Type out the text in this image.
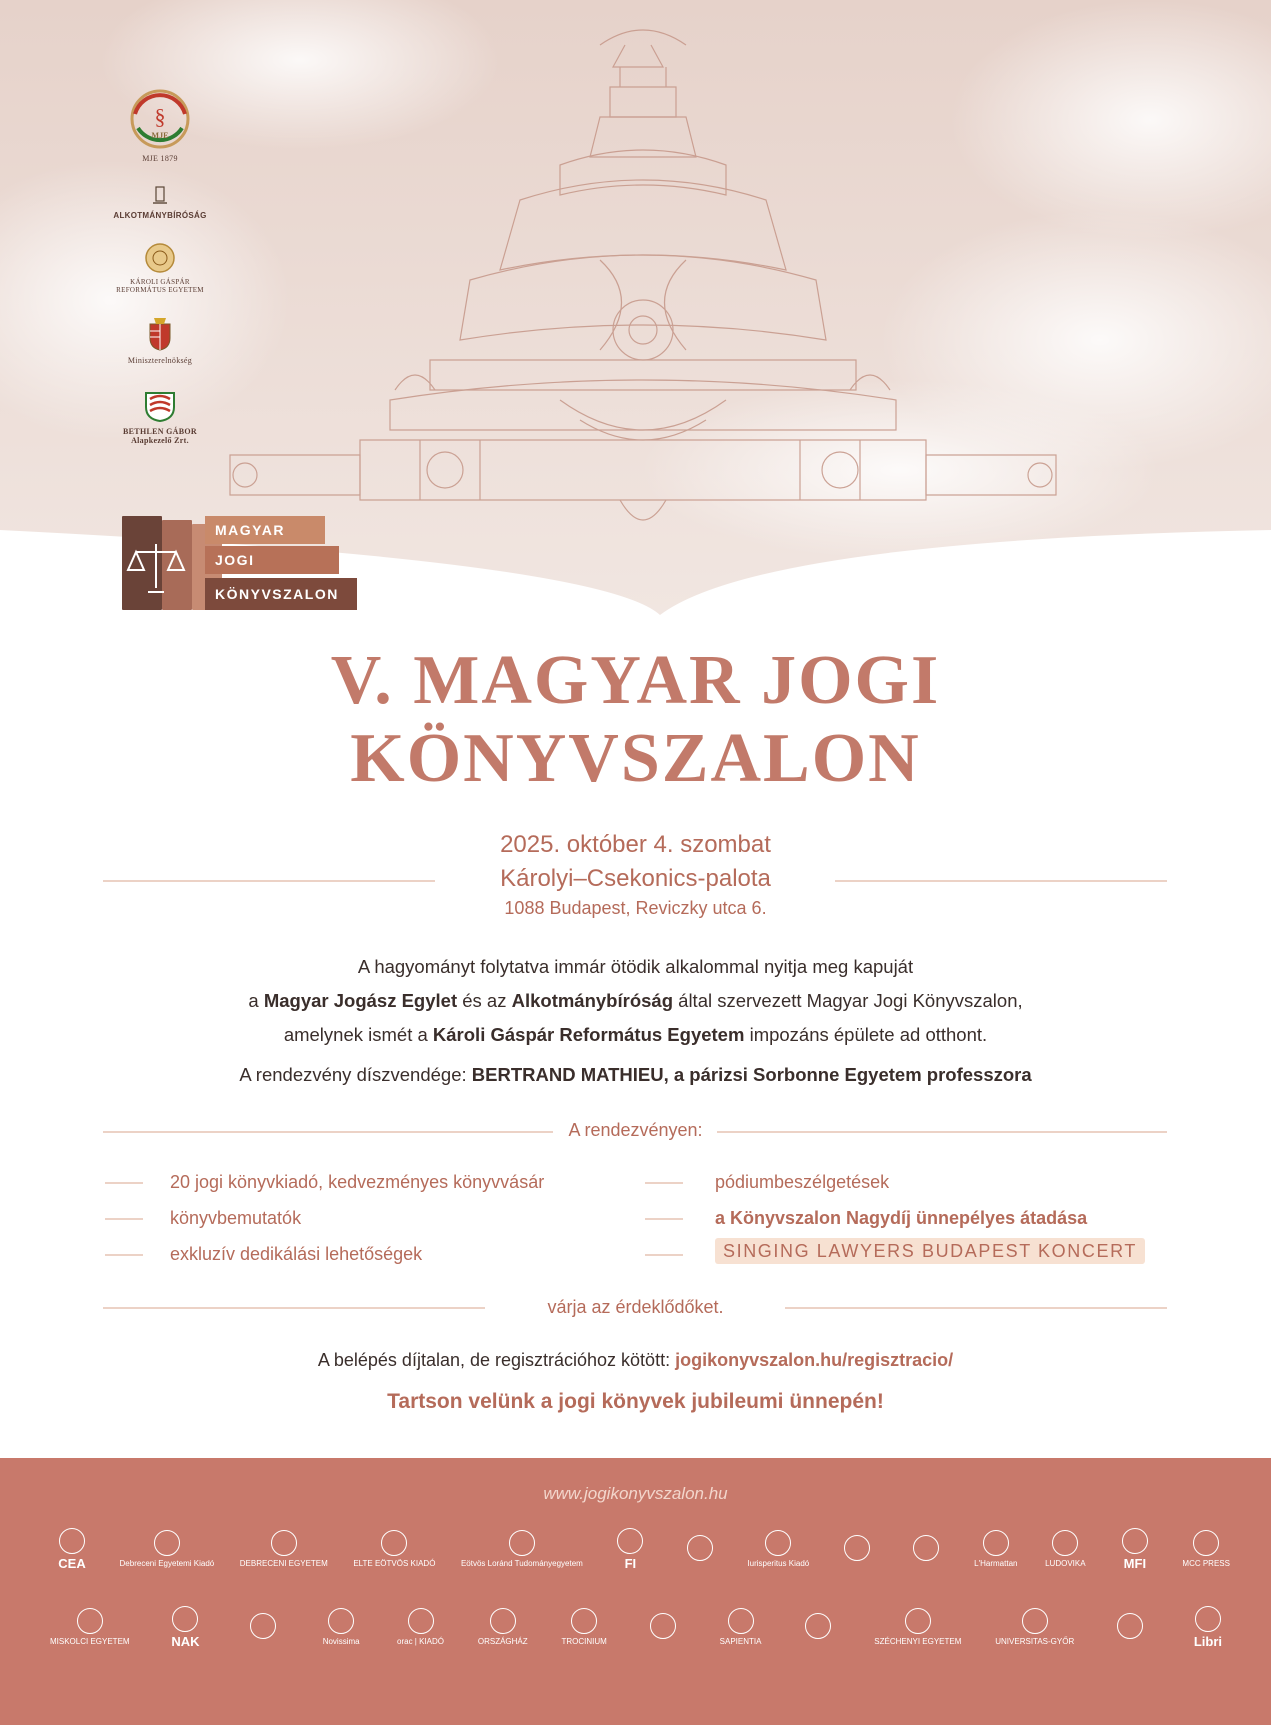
§
MJE
MJE 1879
ALKOTMÁNYBÍRÓSÁG
KÁROLI GÁSPÁR REFORMÁTUS EGYETEM
Miniszterelnökség
BETHLEN GÁBOR Alapkezelő Zrt.
MAGYAR
JOGI
KÖNYVSZALON
V. MAGYAR JOGI
KÖNYVSZALON
2025. október 4. szombat
Károlyi–Csekonics-palota
1088 Budapest, Reviczky utca 6.
A hagyományt folytatva immár ötödik alkalommal nyitja meg kapuját
a Magyar Jogász Egylet és az Alkotmánybíróság által szervezett Magyar Jogi Könyvszalon,
amelynek ismét a Károli Gáspár Református Egyetem impozáns épülete ad otthont.
A rendezvény díszvendége: BERTRAND MATHIEU, a párizsi Sorbonne Egyetem professzora
A rendezvényen:
20 jogi könyvkiadó, kedvezményes könyvvásár
könyvbemutatók
exkluzív dedikálási lehetőségek
pódiumbeszélgetések
a Könyvszalon Nagydíj ünnepélyes átadása
SINGING LAWYERS BUDAPEST KONCERT
várja az érdeklődőket.
A belépés díjtalan, de regisztrációhoz kötött: jogikonyvszalon.hu/regisztracio/
Tartson velünk a jogi könyvek jubileumi ünnepén!
www.jogikonyvszalon.hu
CEA	Debreceni Egyetemi Kiadó	DEBRECENI EGYETEM	ELTE EÖTVÖS KIADÓ	Eötvös Loránd Tudományegyetem	FI	Iurisperitus Kiadó	L'Harmattan	LUDOVIKA	MFI	MCC PRESS
MISKOLCI EGYETEM	NAK	Novissima	orac | KIADÓ	ORSZÁGHÁZ	TROCINIUM	SAPIENTIA	SZÉCHENYI EGYETEM	UNIVERSITAS-GYŐR	Libri
